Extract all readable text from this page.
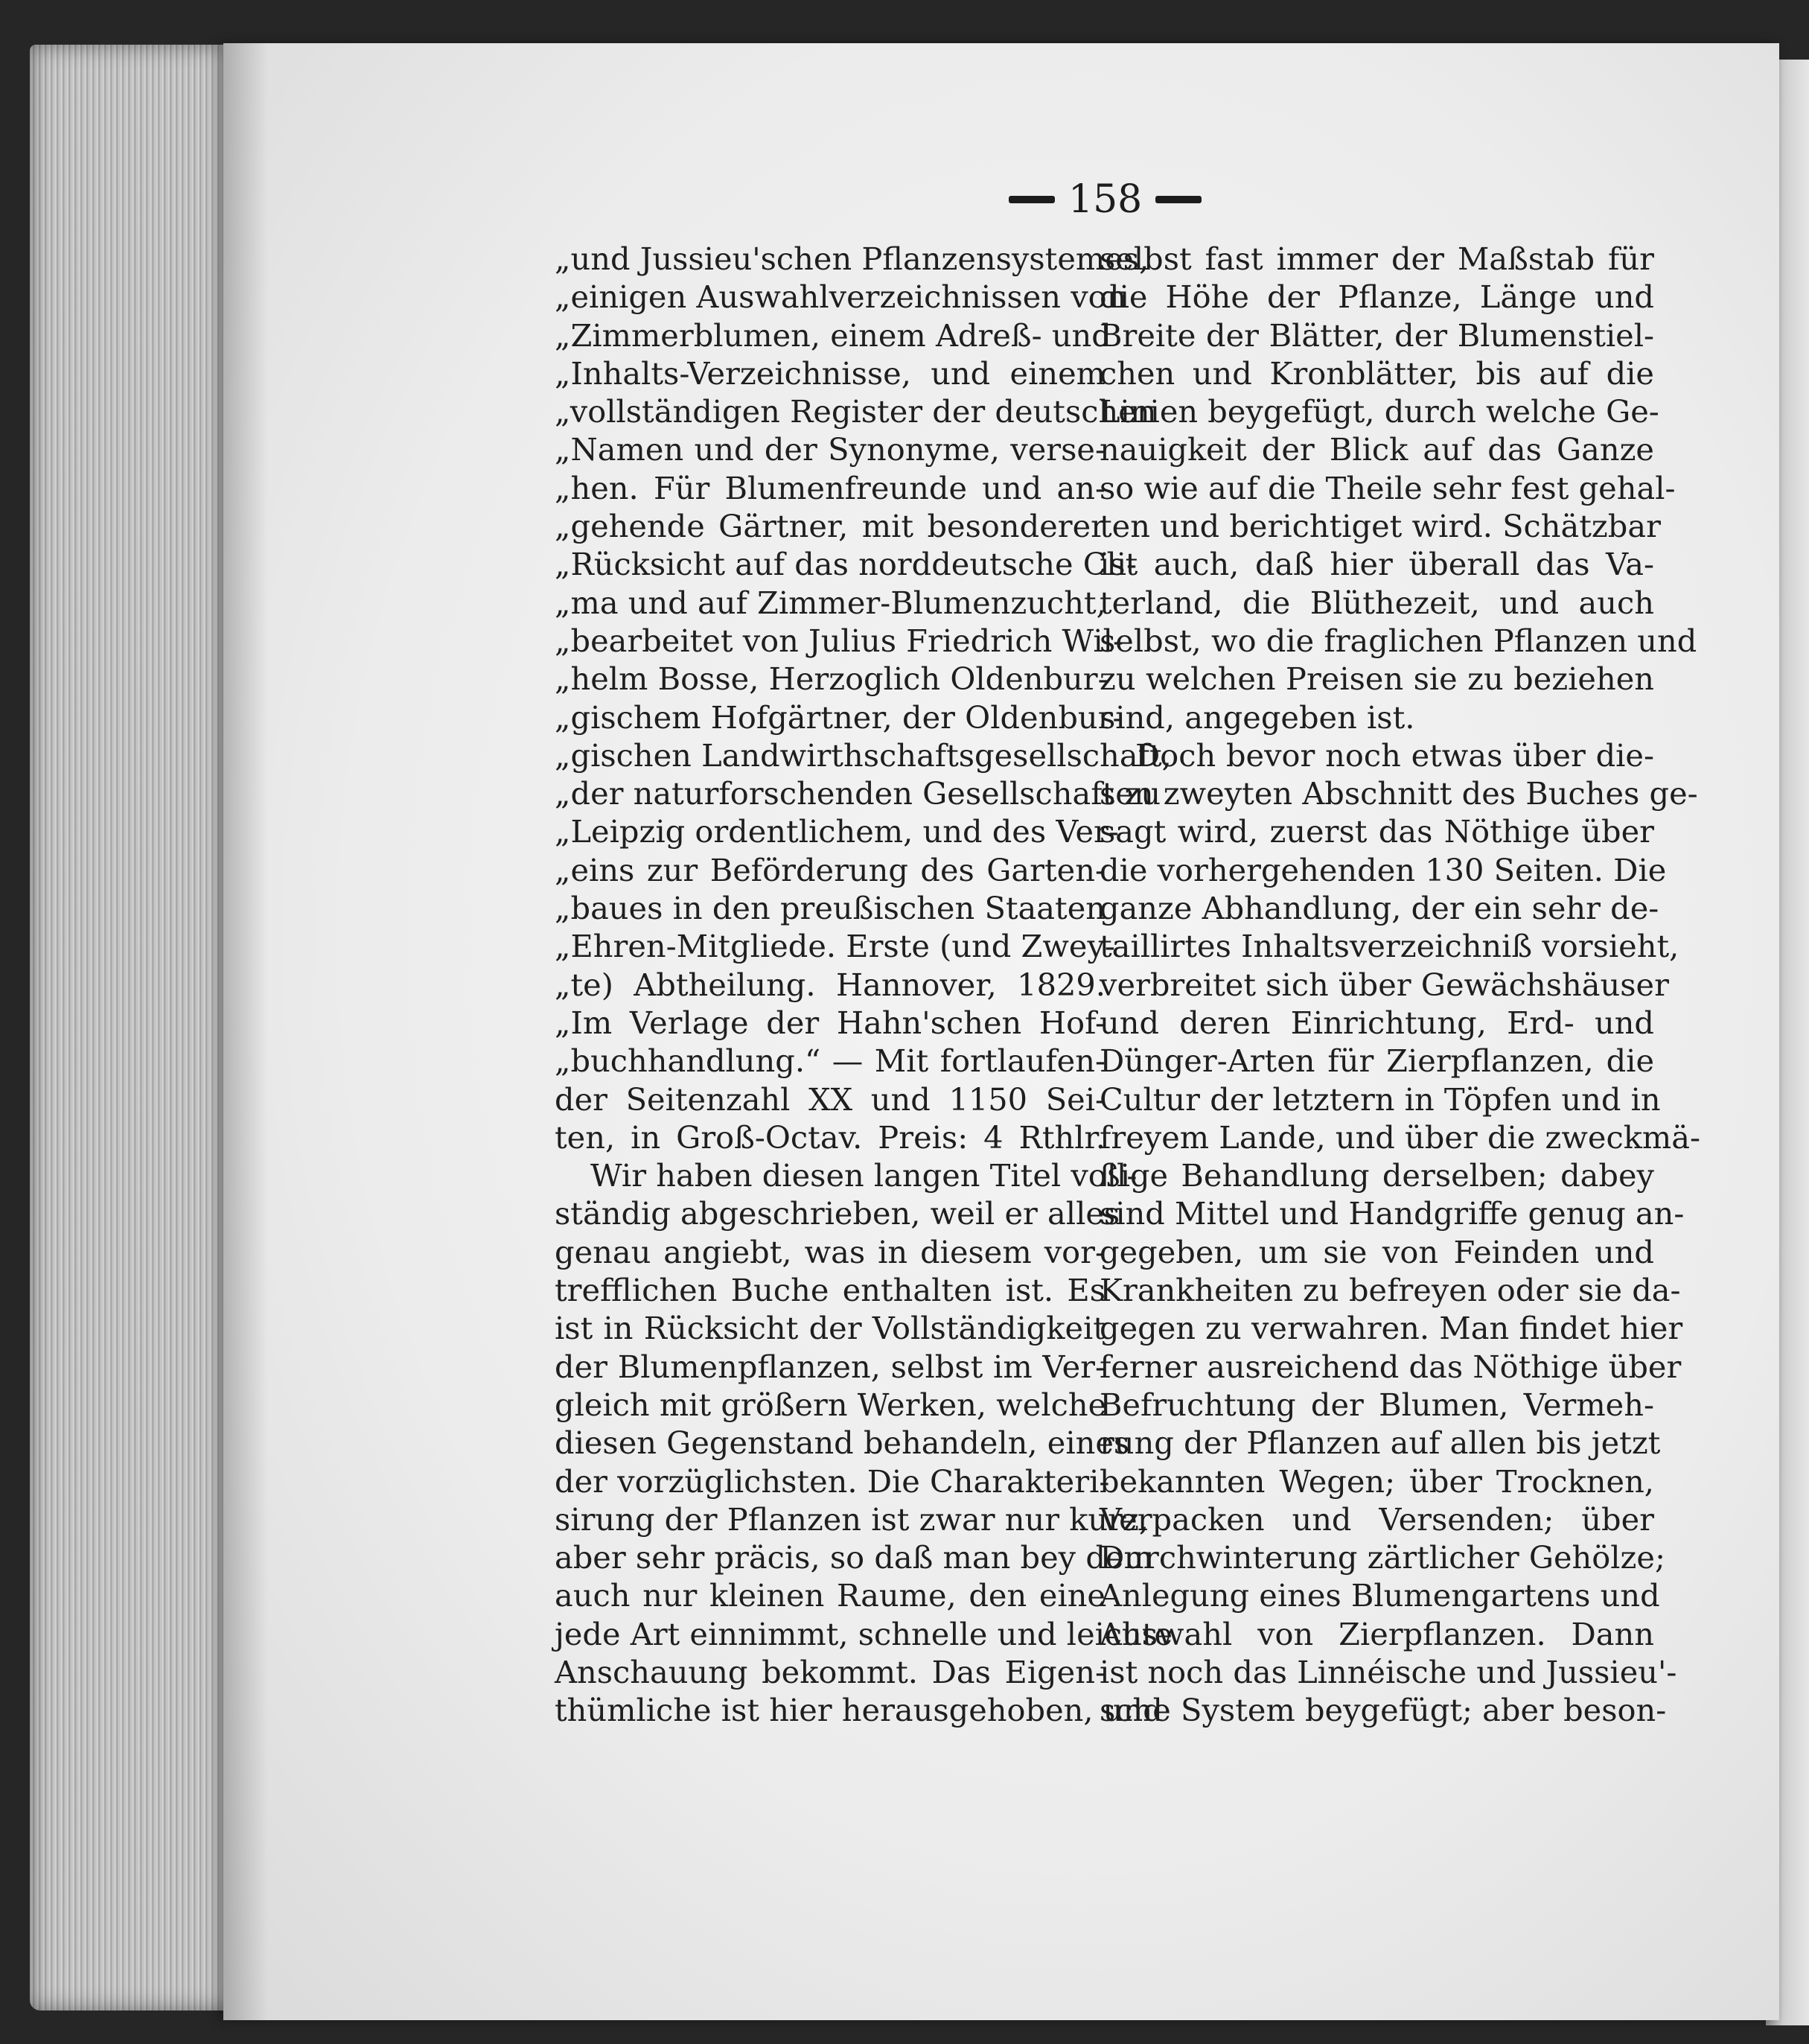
158
„und Jussieu'schen Pflanzensystemes,
„einigen Auswahlverzeichnissen von
„Zimmerblumen, einem Adreß- und
„Inhalts-Verzeichnisse, und einem
„vollständigen Register der deutschen
„Namen und der Synonyme, verse-
„hen. Für Blumenfreunde und an-
„gehende Gärtner, mit besonderer
„Rücksicht auf das norddeutsche Cli-
„ma und auf Zimmer-Blumenzucht,
„bearbeitet von Julius Friedrich Wil-
„helm Bosse, Herzoglich Oldenbur-
„gischem Hofgärtner, der Oldenbur-
„gischen Landwirthschaftsgesellschaft,
„der naturforschenden Gesellschaft zu
„Leipzig ordentlichem, und des Ver-
„eins zur Beförderung des Garten-
„baues in den preußischen Staaten
„Ehren-Mitgliede. Erste (und Zwey-
„te) Abtheilung. Hannover, 1829.
„Im Verlage der Hahn'schen Hof-
„buchhandlung.“ — Mit fortlaufen-
der Seitenzahl XX und 1150 Sei-
ten, in Groß-Octav. Preis: 4 Rthlr.
Wir haben diesen langen Titel voll-
ständig abgeschrieben, weil er alles
genau angiebt, was in diesem vor-
trefflichen Buche enthalten ist. Es
ist in Rücksicht der Vollständigkeit
der Blumenpflanzen, selbst im Ver-
gleich mit größern Werken, welche
diesen Gegenstand behandeln, eines
der vorzüglichsten. Die Charakteri-
sirung der Pflanzen ist zwar nur kurz,
aber sehr präcis, so daß man bey dem
auch nur kleinen Raume, den eine
jede Art einnimmt, schnelle und leichte
Anschauung bekommt. Das Eigen-
thümliche ist hier herausgehoben, und
selbst fast immer der Maßstab für
die Höhe der Pflanze, Länge und
Breite der Blätter, der Blumenstiel-
chen und Kronblätter, bis auf die
Linien beygefügt, durch welche Ge-
nauigkeit der Blick auf das Ganze
so wie auf die Theile sehr fest gehal-
ten und berichtiget wird. Schätzbar
ist auch, daß hier überall das Va-
terland, die Blüthezeit, und auch
selbst, wo die fraglichen Pflanzen und
zu welchen Preisen sie zu beziehen
sind, angegeben ist.
Doch bevor noch etwas über die-
sen zweyten Abschnitt des Buches ge-
sagt wird, zuerst das Nöthige über
die vorhergehenden 130 Seiten. Die
ganze Abhandlung, der ein sehr de-
taillirtes Inhaltsverzeichniß vorsieht,
verbreitet sich über Gewächshäuser
und deren Einrichtung, Erd- und
Dünger-Arten für Zierpflanzen, die
Cultur der letztern in Töpfen und in
freyem Lande, und über die zweckmä-
ßige Behandlung derselben; dabey
sind Mittel und Handgriffe genug an-
gegeben, um sie von Feinden und
Krankheiten zu befreyen oder sie da-
gegen zu verwahren. Man findet hier
ferner ausreichend das Nöthige über
Befruchtung der Blumen, Vermeh-
rung der Pflanzen auf allen bis jetzt
bekannten Wegen; über Trocknen,
Verpacken und Versenden; über
Durchwinterung zärtlicher Gehölze;
Anlegung eines Blumengartens und
Auswahl von Zierpflanzen. Dann
ist noch das Linnéische und Jussieu'-
sche System beygefügt; aber beson-
